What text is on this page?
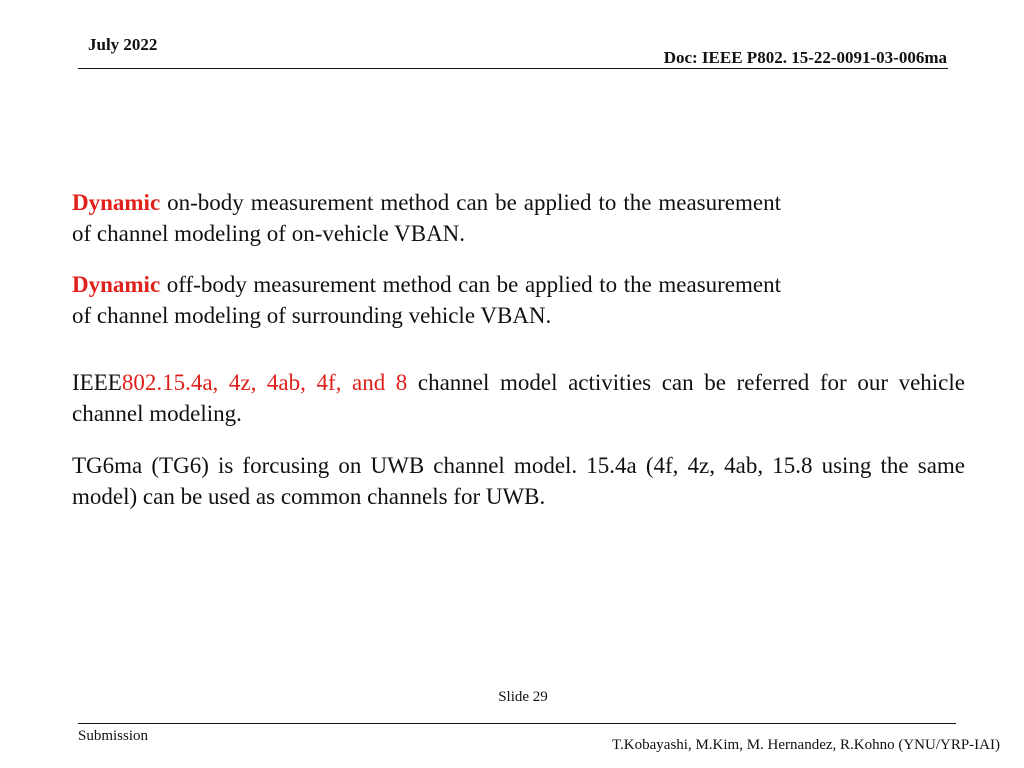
July 2022
Doc: IEEE P802. 15-22-0091-03-006ma

Dynamic on-body measurement method can be applied to the measurement of channel modeling of on-vehicle VBAN.

Dynamic off-body measurement method can be applied to the measurement of channel modeling of surrounding vehicle VBAN.

IEEE802.15.4a, 4z, 4ab, 4f, and 8 channel model activities can be referred for our vehicle channel modeling.

TG6ma (TG6) is forcusing on UWB channel model. 15.4a (4f, 4z, 4ab, 15.8 using the same model) can be used as common channels for UWB.

Slide 29
Submission
T.Kobayashi, M.Kim, M. Hernandez, R.Kohno (YNU/YRP-IAI)
